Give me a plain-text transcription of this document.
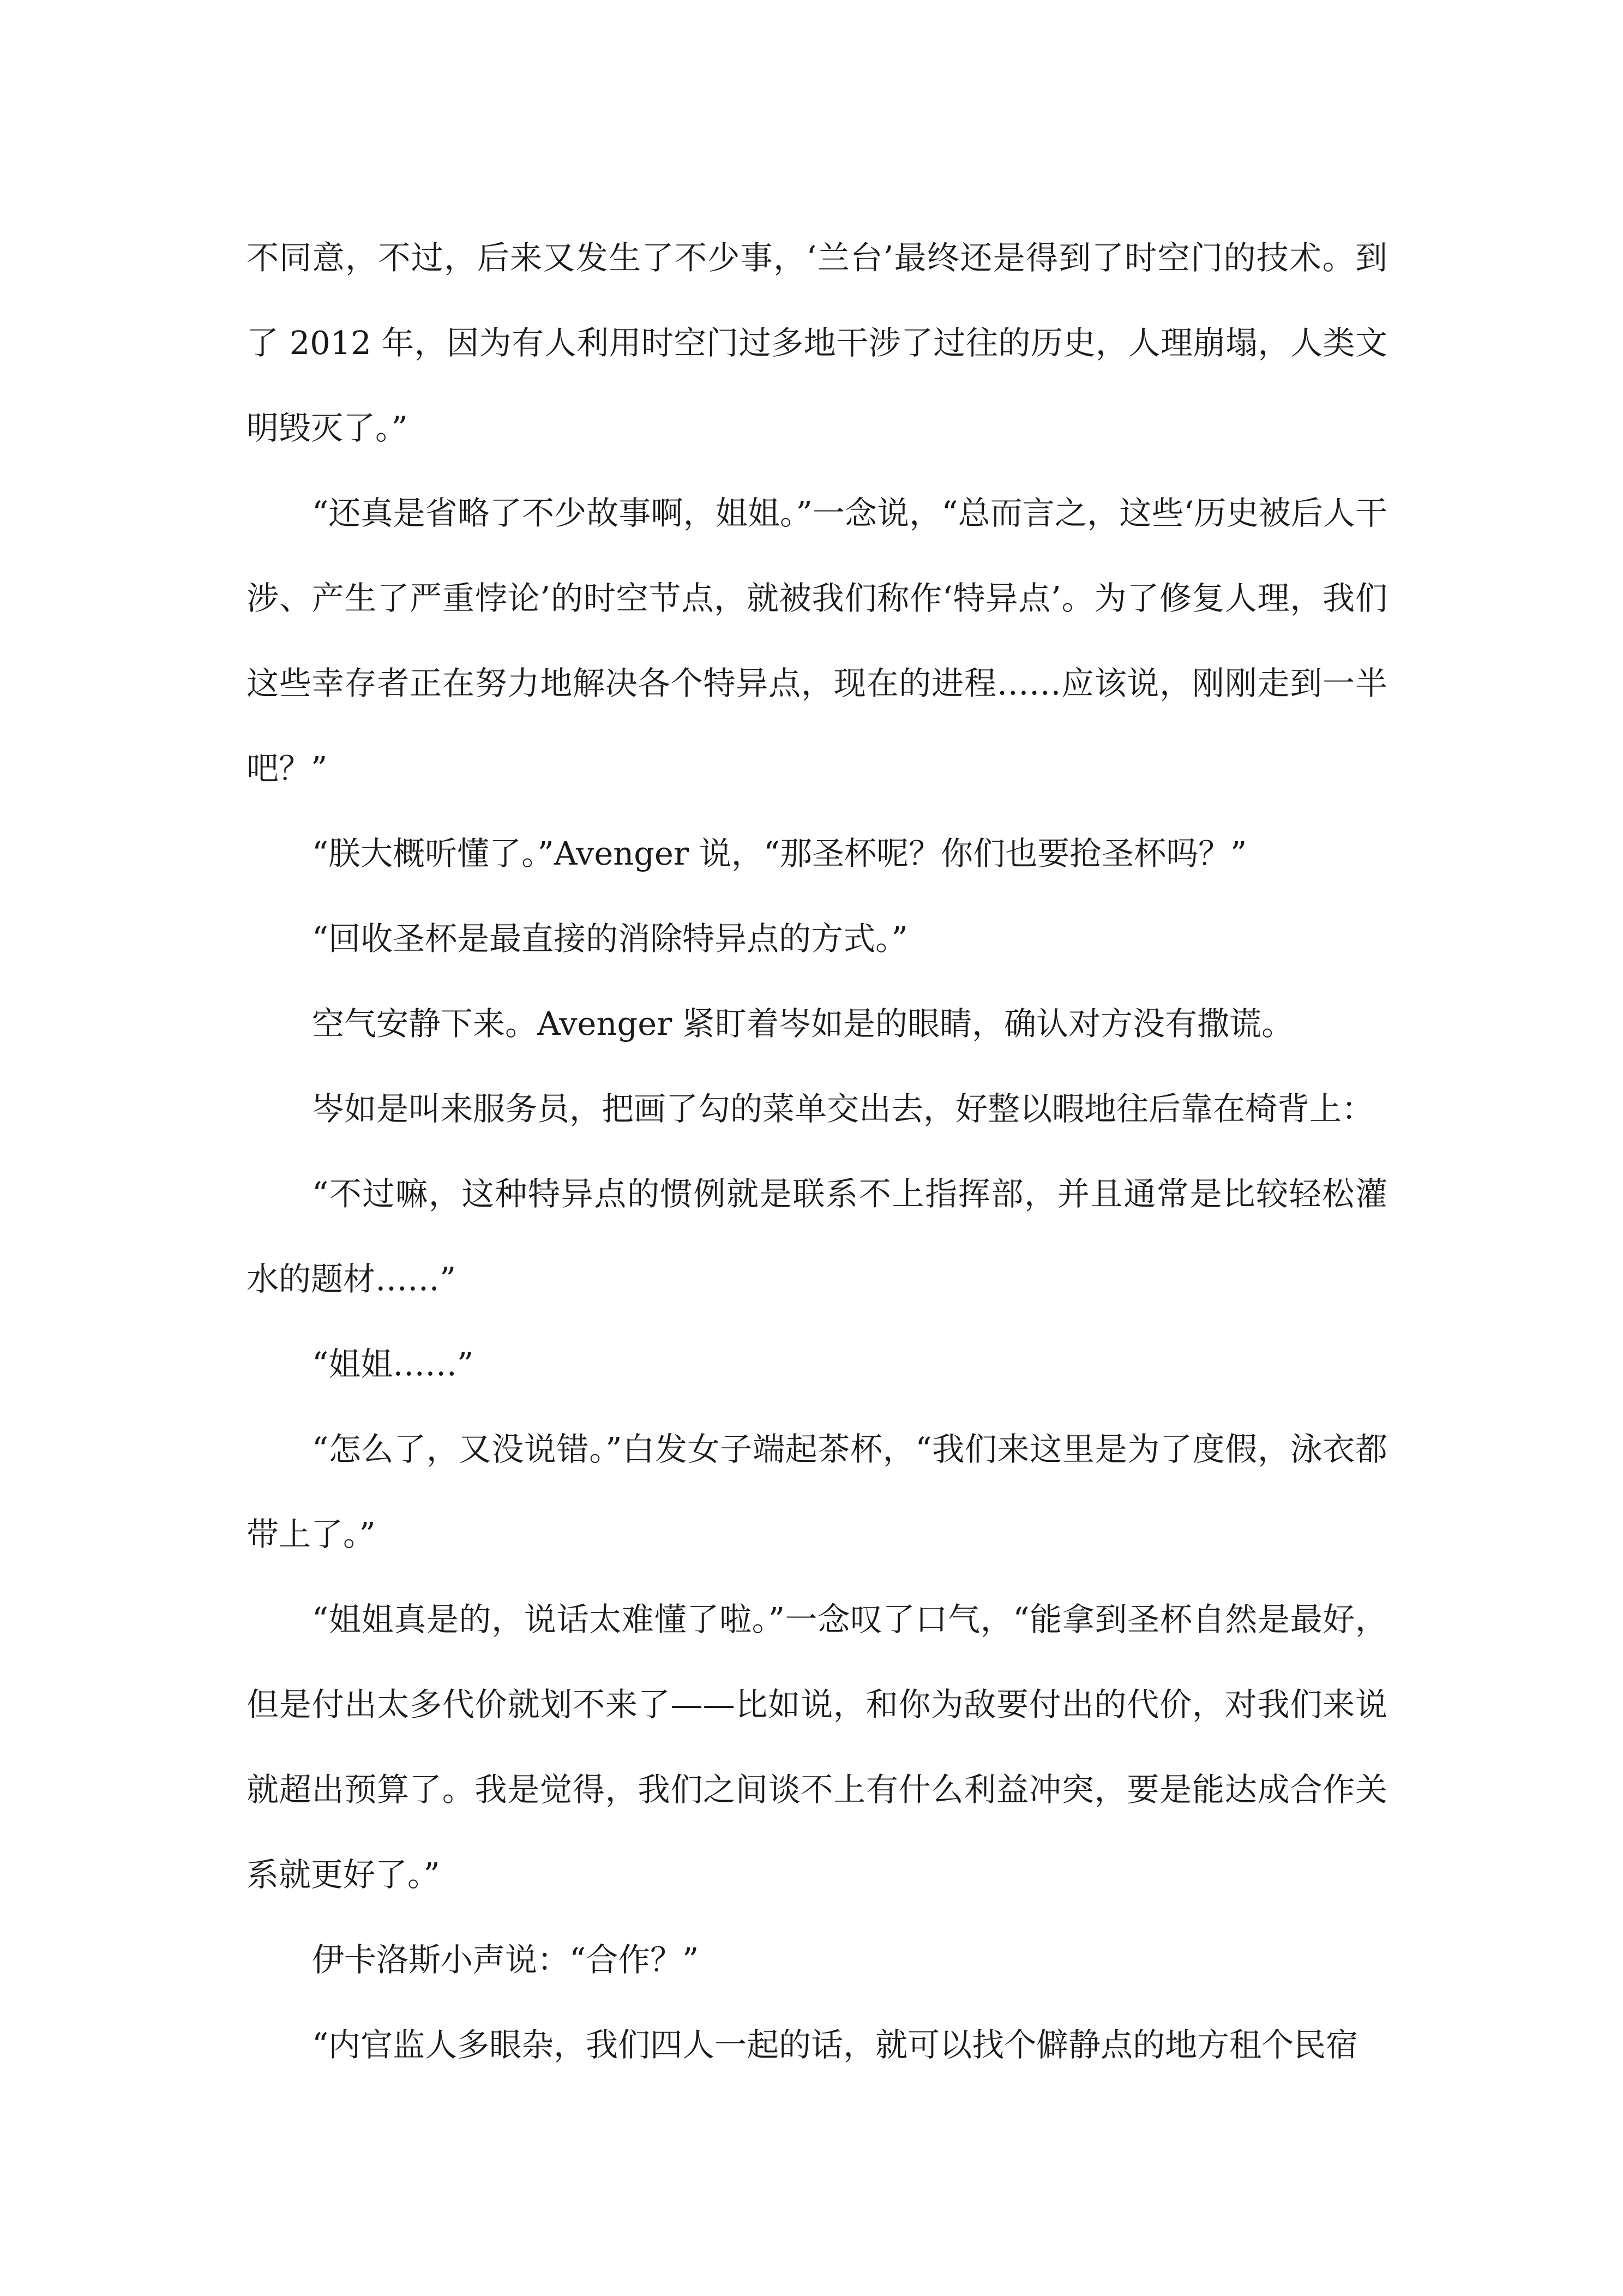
不同意，不过，后来又发生了不少事，‘兰台’最终还是得到了时空门的技术。到了 2012 年，因为有人利用时空门过多地干涉了过往的历史，人理崩塌，人类文明毁灭了。”

“还真是省略了不少故事啊，姐姐。”一念说，“总而言之，这些‘历史被后人干涉、产生了严重悖论’的时空节点，就被我们称作‘特异点’。为了修复人理，我们这些幸存者正在努力地解决各个特异点，现在的进程……应该说，刚刚走到一半吧？”

“朕大概听懂了。”Avenger 说，“那圣杯呢？你们也要抢圣杯吗？”

“回收圣杯是最直接的消除特异点的方式。”

空气安静下来。Avenger 紧盯着岑如是的眼睛，确认对方没有撒谎。

岑如是叫来服务员，把画了勾的菜单交出去，好整以暇地往后靠在椅背上：

“不过嘛，这种特异点的惯例就是联系不上指挥部，并且通常是比较轻松灌水的题材……”

“姐姐……”

“怎么了，又没说错。”白发女子端起茶杯，“我们来这里是为了度假，泳衣都带上了。”

“姐姐真是的，说话太难懂了啦。”一念叹了口气，“能拿到圣杯自然是最好，但是付出太多代价就划不来了——比如说，和你为敌要付出的代价，对我们来说就超出预算了。我是觉得，我们之间谈不上有什么利益冲突，要是能达成合作关系就更好了。”

伊卡洛斯小声说：“合作？”

“内官监人多眼杂，我们四人一起的话，就可以找个僻静点的地方租个民宿
